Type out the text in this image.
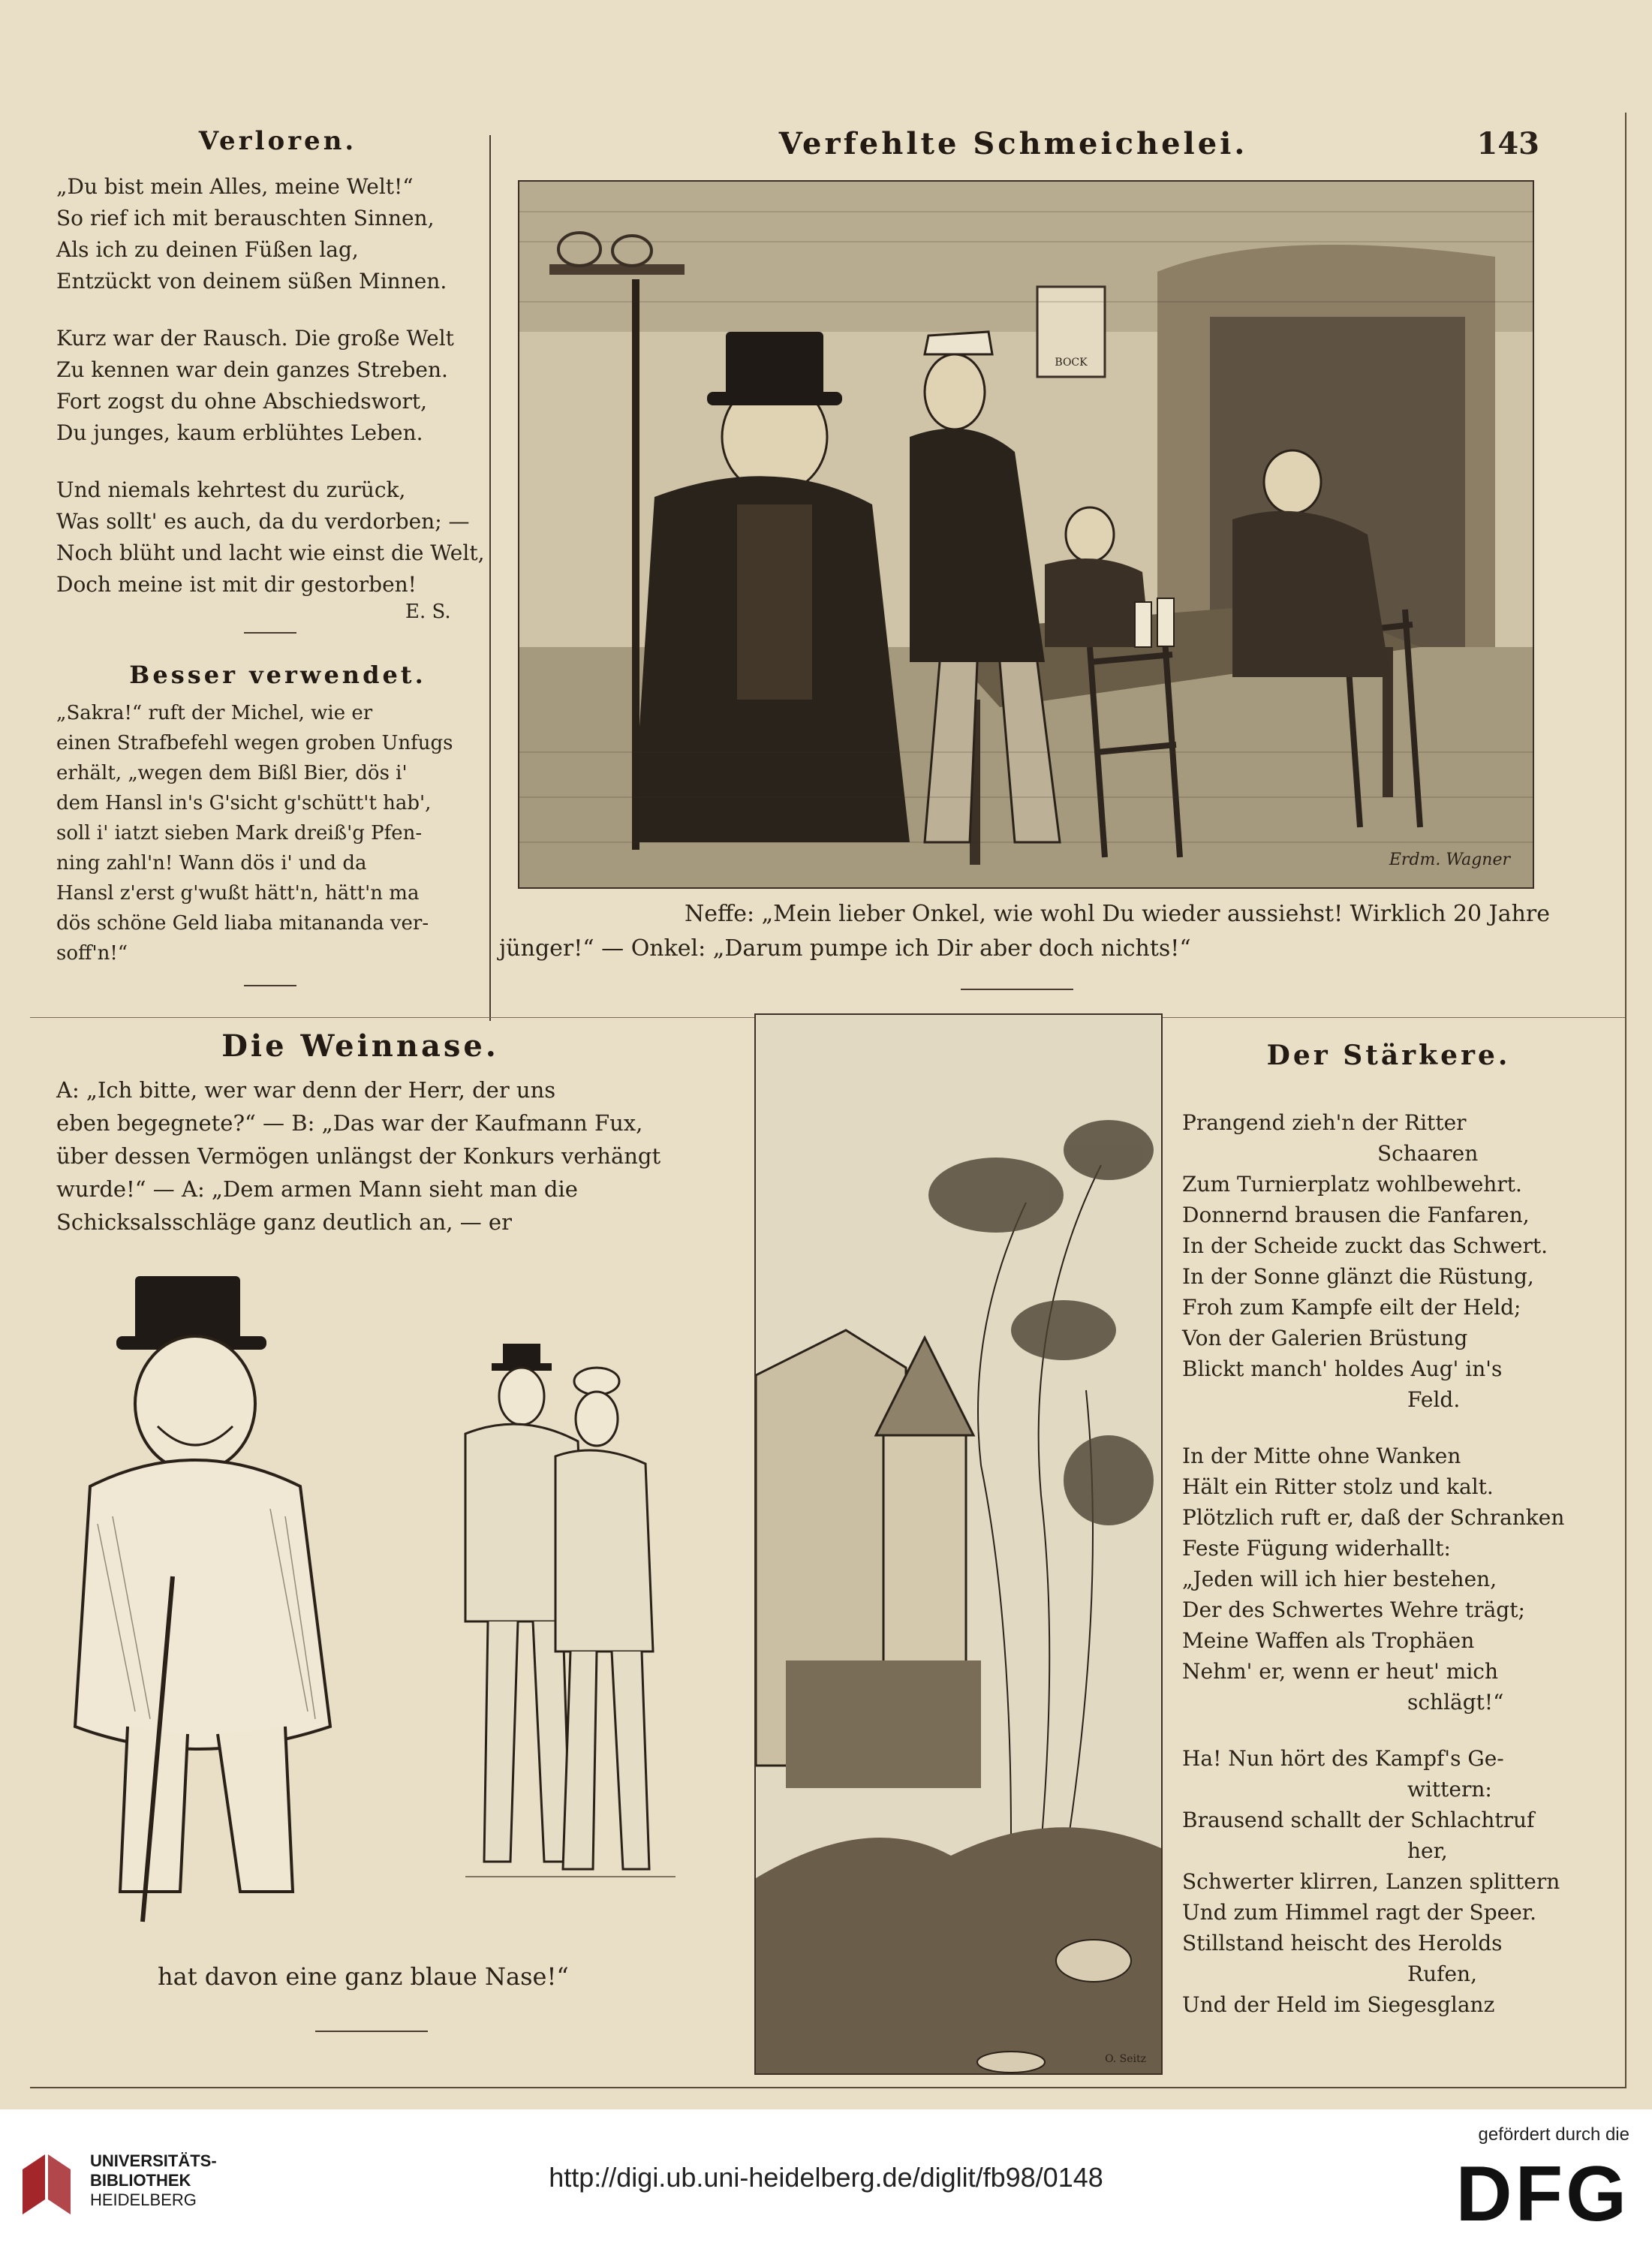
143
Verloren.

„Du bist mein Alles, meine Welt!“
So rief ich mit berauschten Sinnen,
Als ich zu deinen Füßen lag,
Entzückt von deinem süßen Minnen.

Kurz war der Rausch. Die große Welt
Zu kennen war dein ganzes Streben.
Fort zogst du ohne Abschiedswort,
Du junges, kaum erblühtes Leben.

Und niemals kehrtest du zurück,
Was sollt' es auch, da du verdorben; —
Noch blüht und lacht wie einst die Welt,
Doch meine ist mit dir gestorben!

E. S.
Besser verwendet.
„Sakra!“ ruft der Michel, wie er
einen Strafbefehl wegen groben Unfugs
erhält, „wegen dem Bißl Bier, dös i'
dem Hansl in's G'sicht g'schütt't hab',
soll i' iatzt sieben Mark dreiß'g Pfen-
ning zahl'n! Wann dös i' und da
Hansl z'erst g'wußt hätt'n, hätt'n ma
dös schöne Geld liaba mitananda ver-
soff'n!“
Verfehlte Schmeichelei.
BOCK
Erdm. Wagner
Neffe: „Mein lieber Onkel, wie wohl Du wieder aussiehst! Wirklich 20 Jahre
jünger!“ — Onkel: „Darum pumpe ich Dir aber doch nichts!“
Die Weinnase.
A: „Ich bitte, wer war denn der Herr, der uns
eben begegnete?“ — B: „Das war der Kaufmann Fux,
über dessen Vermögen unlängst der Konkurs verhängt
wurde!“ — A: „Dem armen Mann sieht man die
Schicksalsschläge ganz deutlich an, — er
hat davon eine ganz blaue Nase!“
O. Seitz
Der Stärkere.

Prangend zieh'n der Ritter
Schaaren
Zum Turnierplatz wohlbewehrt.
Donnernd brausen die Fanfaren,
In der Scheide zuckt das Schwert.
In der Sonne glänzt die Rüstung,
Froh zum Kampfe eilt der Held;
Von der Galerien Brüstung
Blickt manch' holdes Aug' in's
Feld.

In der Mitte ohne Wanken
Hält ein Ritter stolz und kalt.
Plötzlich ruft er, daß der Schranken
Feste Fügung widerhallt:
„Jeden will ich hier bestehen,
Der des Schwertes Wehre trägt;
Meine Waffen als Trophäen
Nehm' er, wenn er heut' mich
schlägt!“

Ha! Nun hört des Kampf's Ge-
wittern:
Brausend schallt der Schlachtruf
her,
Schwerter klirren, Lanzen splittern
Und zum Himmel ragt der Speer.
Stillstand heischt des Herolds
Rufen,
Und der Held im Siegesglanz

UNIVERSITÄTS-
BIBLIOTHEK
HEIDELBERG
http://digi.ub.uni-heidelberg.de/diglit/fb98/0148
gefördert durch die
DFG
